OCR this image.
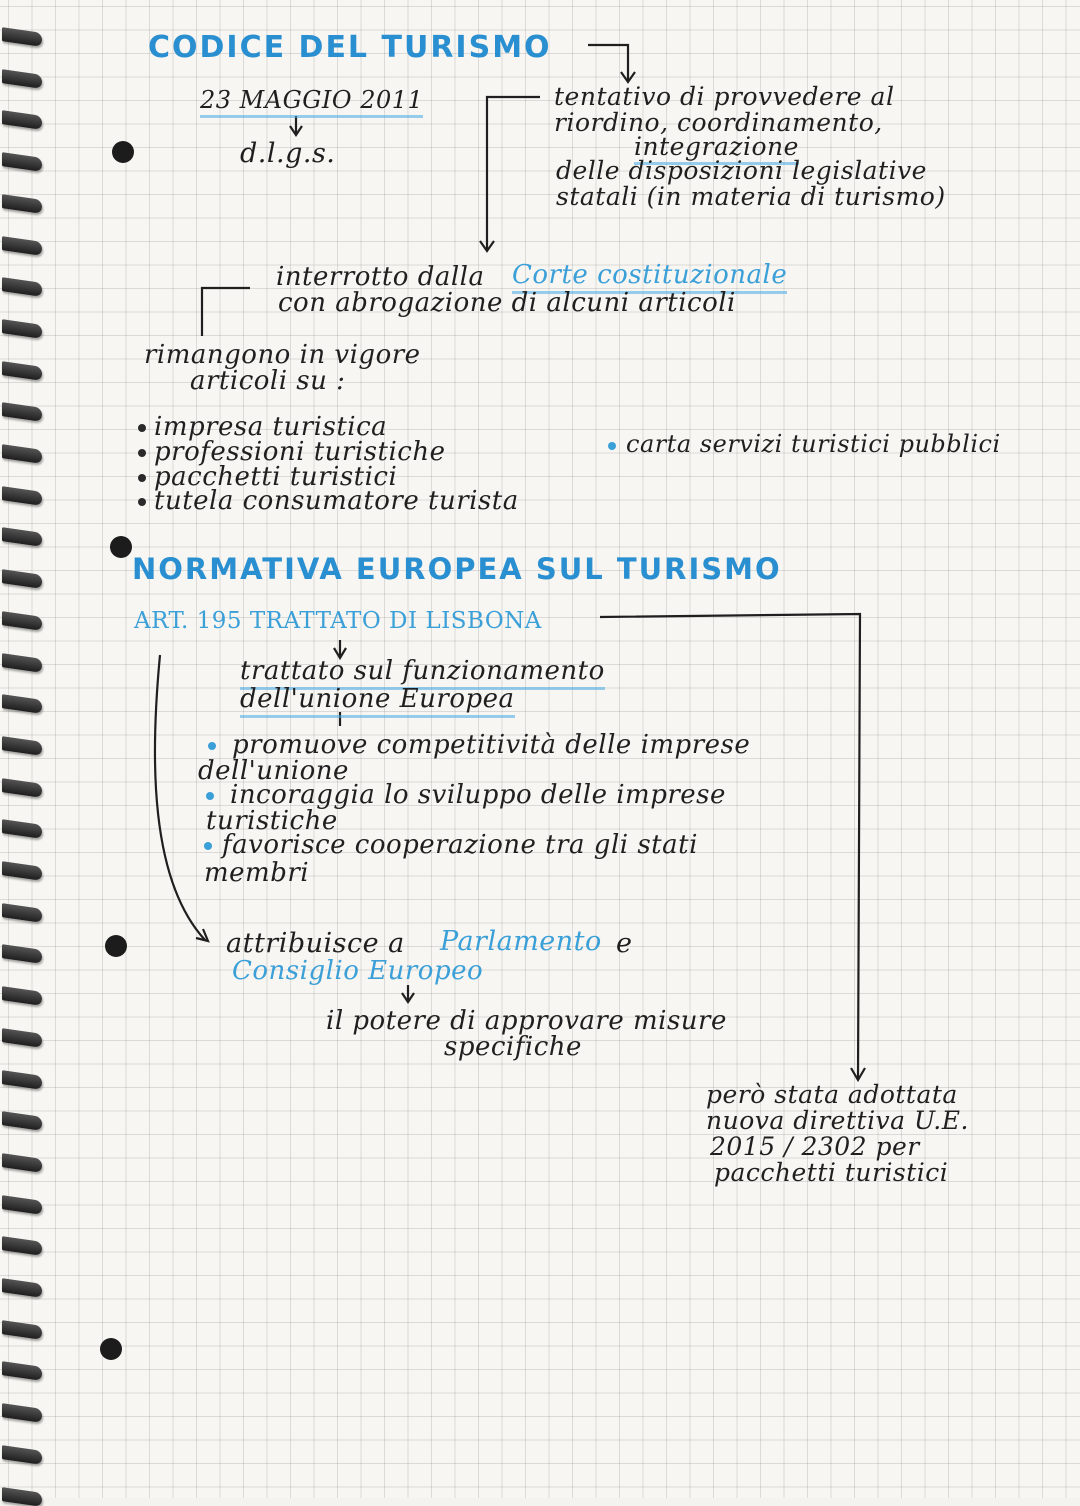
CODICE DEL TURISMO
23 MAGGIO 2011
d.l.g.s.
tentativo di provvedere al
riordino, coordinamento,
integrazione
delle disposizioni legislative
statali (in materia di turismo)
interrotto dalla Corte costituzionale
con abrogazione di alcuni articoli
rimangono in vigore
articoli su :
impresa turistica
professioni turistiche
pacchetti turistici
tutela consumatore turista
carta servizi turistici pubblici
NORMATIVA EUROPEA SUL TURISMO
ART. 195 TRATTATO DI LISBONA
trattato sul funzionamento
dell'unione Europea
promuove competitività delle imprese
dell'unione
incoraggia lo sviluppo delle imprese
turistiche
favorisce cooperazione tra gli stati
membri
attribuisce a Parlamento e
Consiglio Europeo
il potere di approvare misure
specifiche
però stata adottata
nuova direttiva U.E.
2015 / 2302 per
pacchetti turistici
